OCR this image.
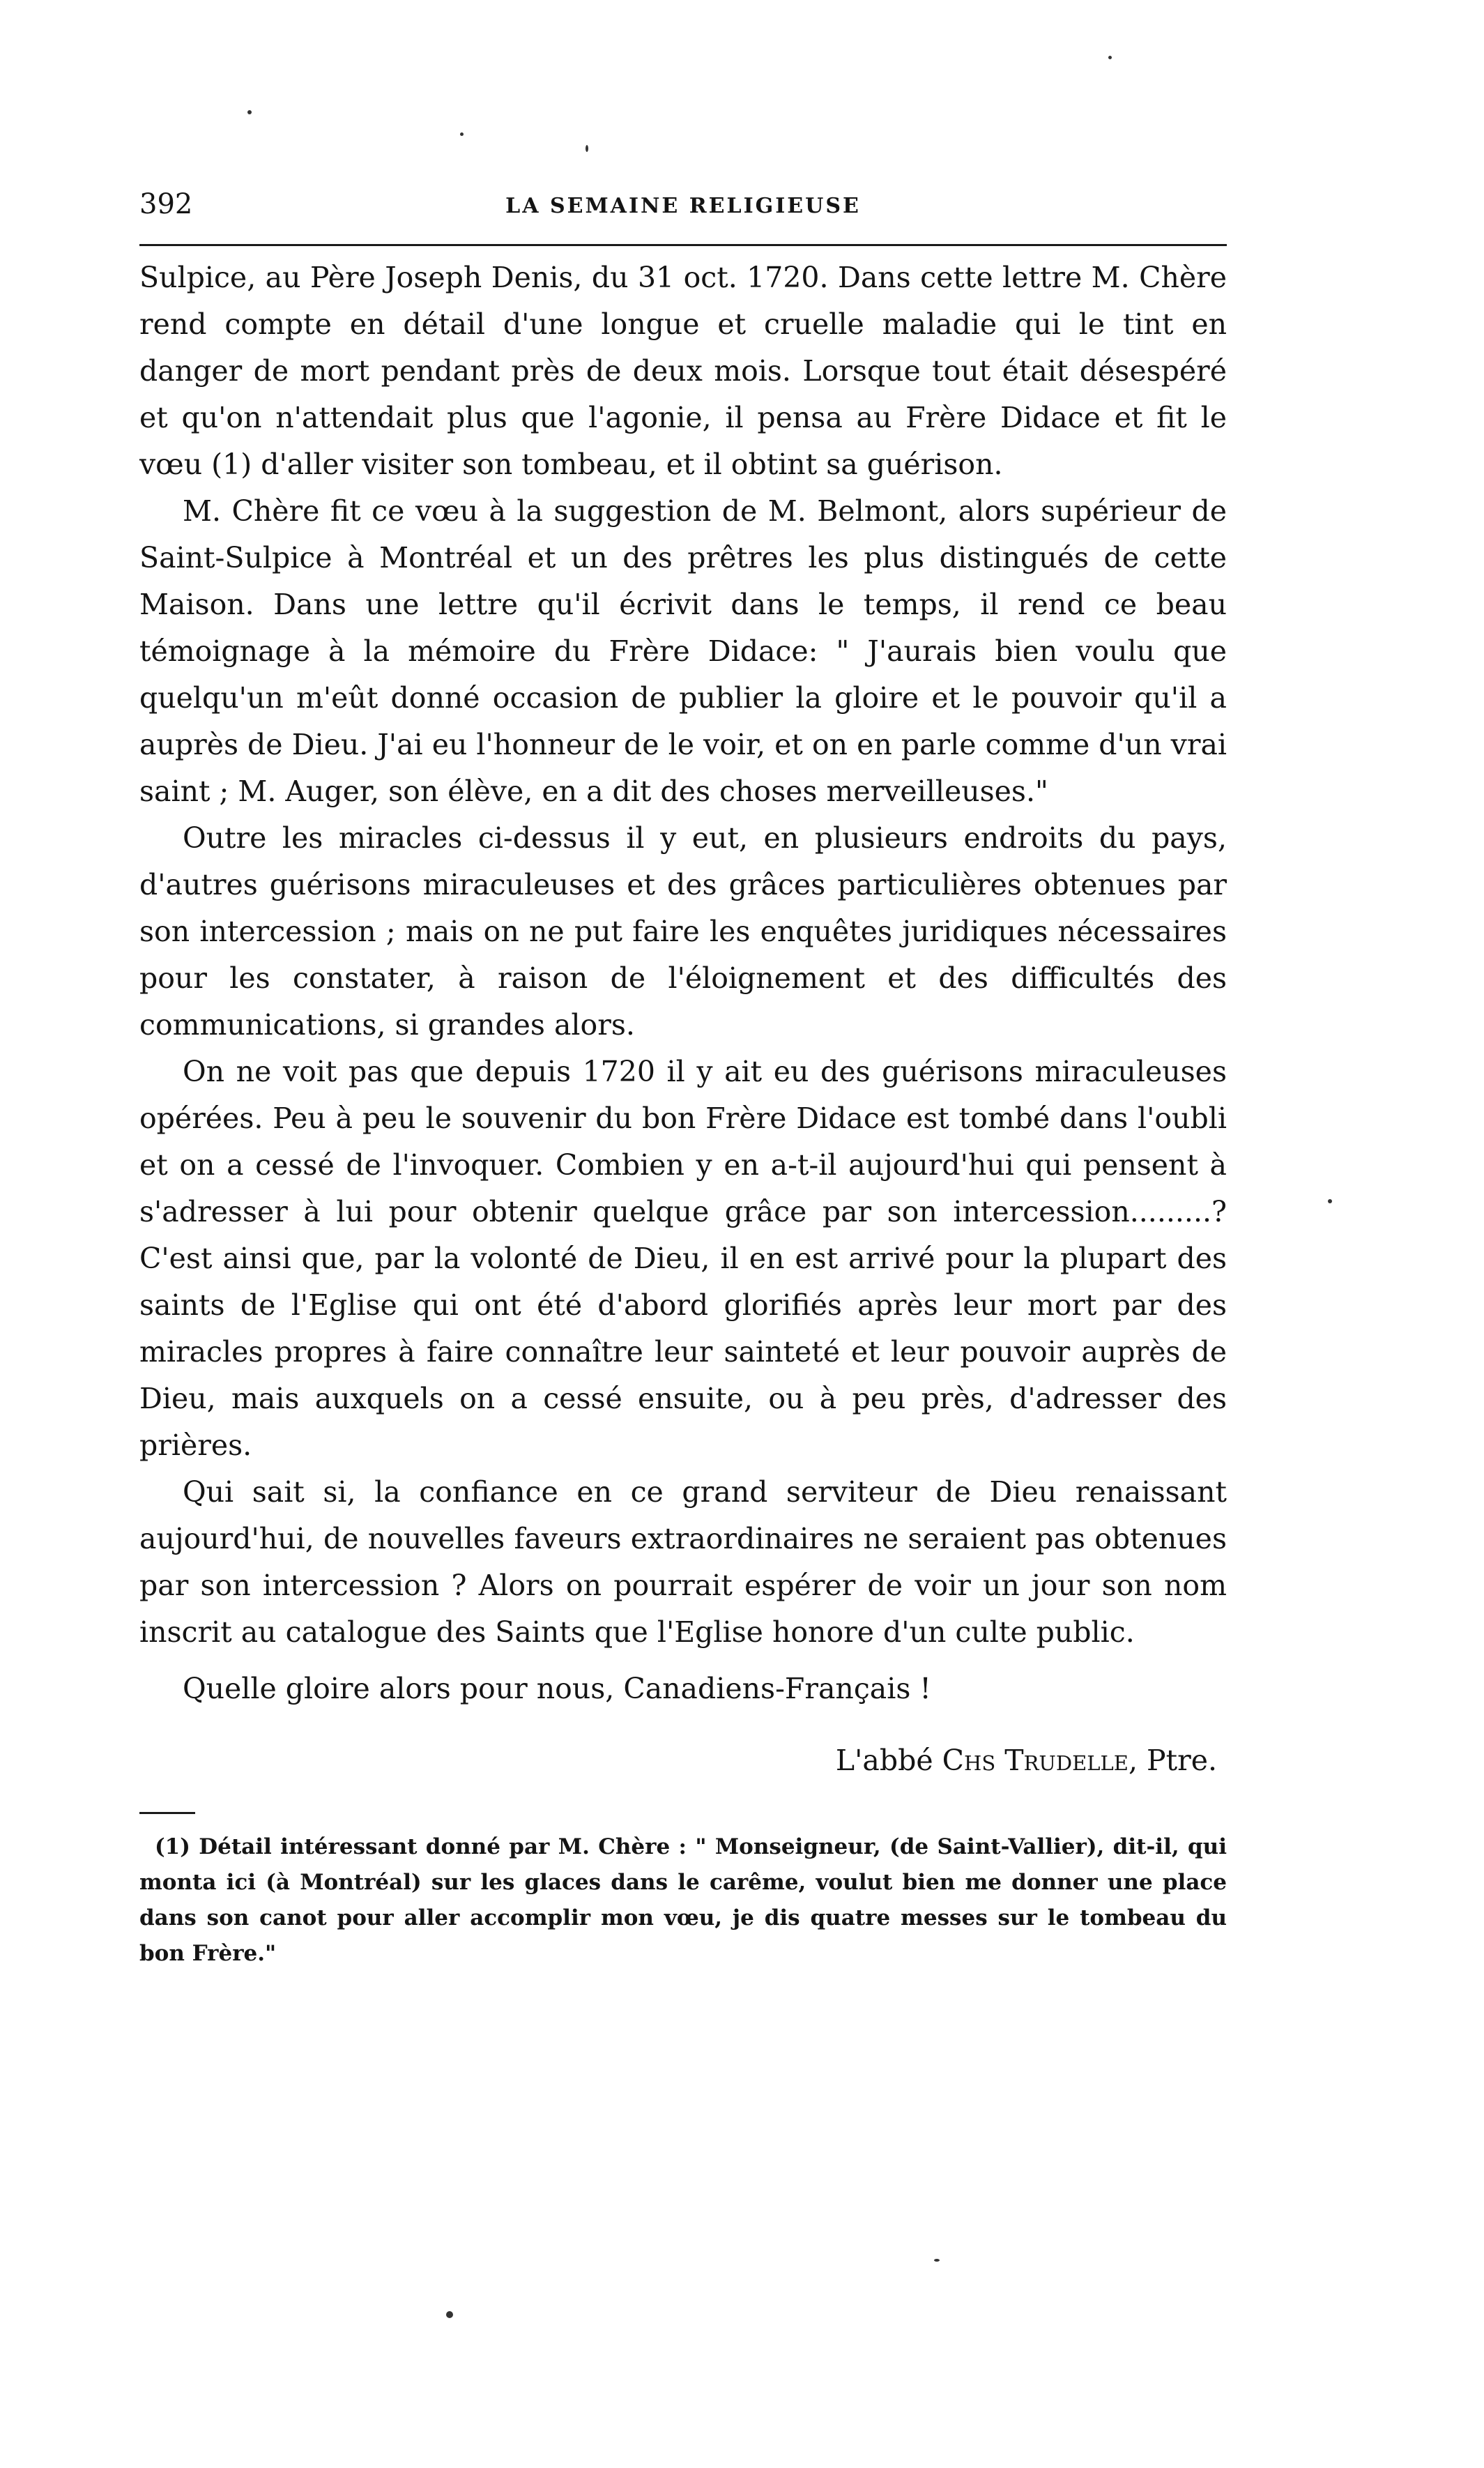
392	LA SEMAINE RELIGIEUSE

Sulpice, au Père Joseph Denis, du 31 oct. 1720. Dans cette lettre M. Chère rend compte en détail d'une longue et cruelle maladie qui le tint en danger de mort pendant près de deux mois. Lorsque tout était désespéré et qu'on n'attendait plus que l'agonie, il pensa au Frère Didace et fit le vœu (1) d'aller visiter son tombeau, et il obtint sa guérison.

M. Chère fit ce vœu à la suggestion de M. Belmont, alors supérieur de Saint-Sulpice à Montréal et un des prêtres les plus distingués de cette Maison. Dans une lettre qu'il écrivit dans le temps, il rend ce beau témoignage à la mémoire du Frère Didace: " J'aurais bien voulu que quelqu'un m'eût donné occasion de publier la gloire et le pouvoir qu'il a auprès de Dieu. J'ai eu l'honneur de le voir, et on en parle comme d'un vrai saint ; M. Auger, son élève, en a dit des choses merveilleuses."

Outre les miracles ci-dessus il y eut, en plusieurs endroits du pays, d'autres guérisons miraculeuses et des grâces particulières obtenues par son intercession ; mais on ne put faire les enquêtes juridiques nécessaires pour les constater, à raison de l'éloignement et des difficultés des communications, si grandes alors.

On ne voit pas que depuis 1720 il y ait eu des guérisons miraculeuses opérées. Peu à peu le souvenir du bon Frère Didace est tombé dans l'oubli et on a cessé de l'invoquer. Combien y en a-t-il aujourd'hui qui pensent à s'adresser à lui pour obtenir quelque grâce par son intercession.........? C'est ainsi que, par la volonté de Dieu, il en est arrivé pour la plupart des saints de l'Eglise qui ont été d'abord glorifiés après leur mort par des miracles propres à faire connaître leur sainteté et leur pouvoir auprès de Dieu, mais auxquels on a cessé ensuite, ou à peu près, d'adresser des prières.

Qui sait si, la confiance en ce grand serviteur de Dieu renaissant aujourd'hui, de nouvelles faveurs extraordinaires ne seraient pas obtenues par son intercession ? Alors on pourrait espérer de voir un jour son nom inscrit au catalogue des Saints que l'Eglise honore d'un culte public.

Quelle gloire alors pour nous, Canadiens-Français !

L'abbé Chs Trudelle, Ptre.

(1) Détail intéressant donné par M. Chère : " Monseigneur, (de Saint-Vallier), dit-il, qui monta ici (à Montréal) sur les glaces dans le carême, voulut bien me donner une place dans son canot pour aller accomplir mon vœu, je dis quatre messes sur le tombeau du bon Frère."
